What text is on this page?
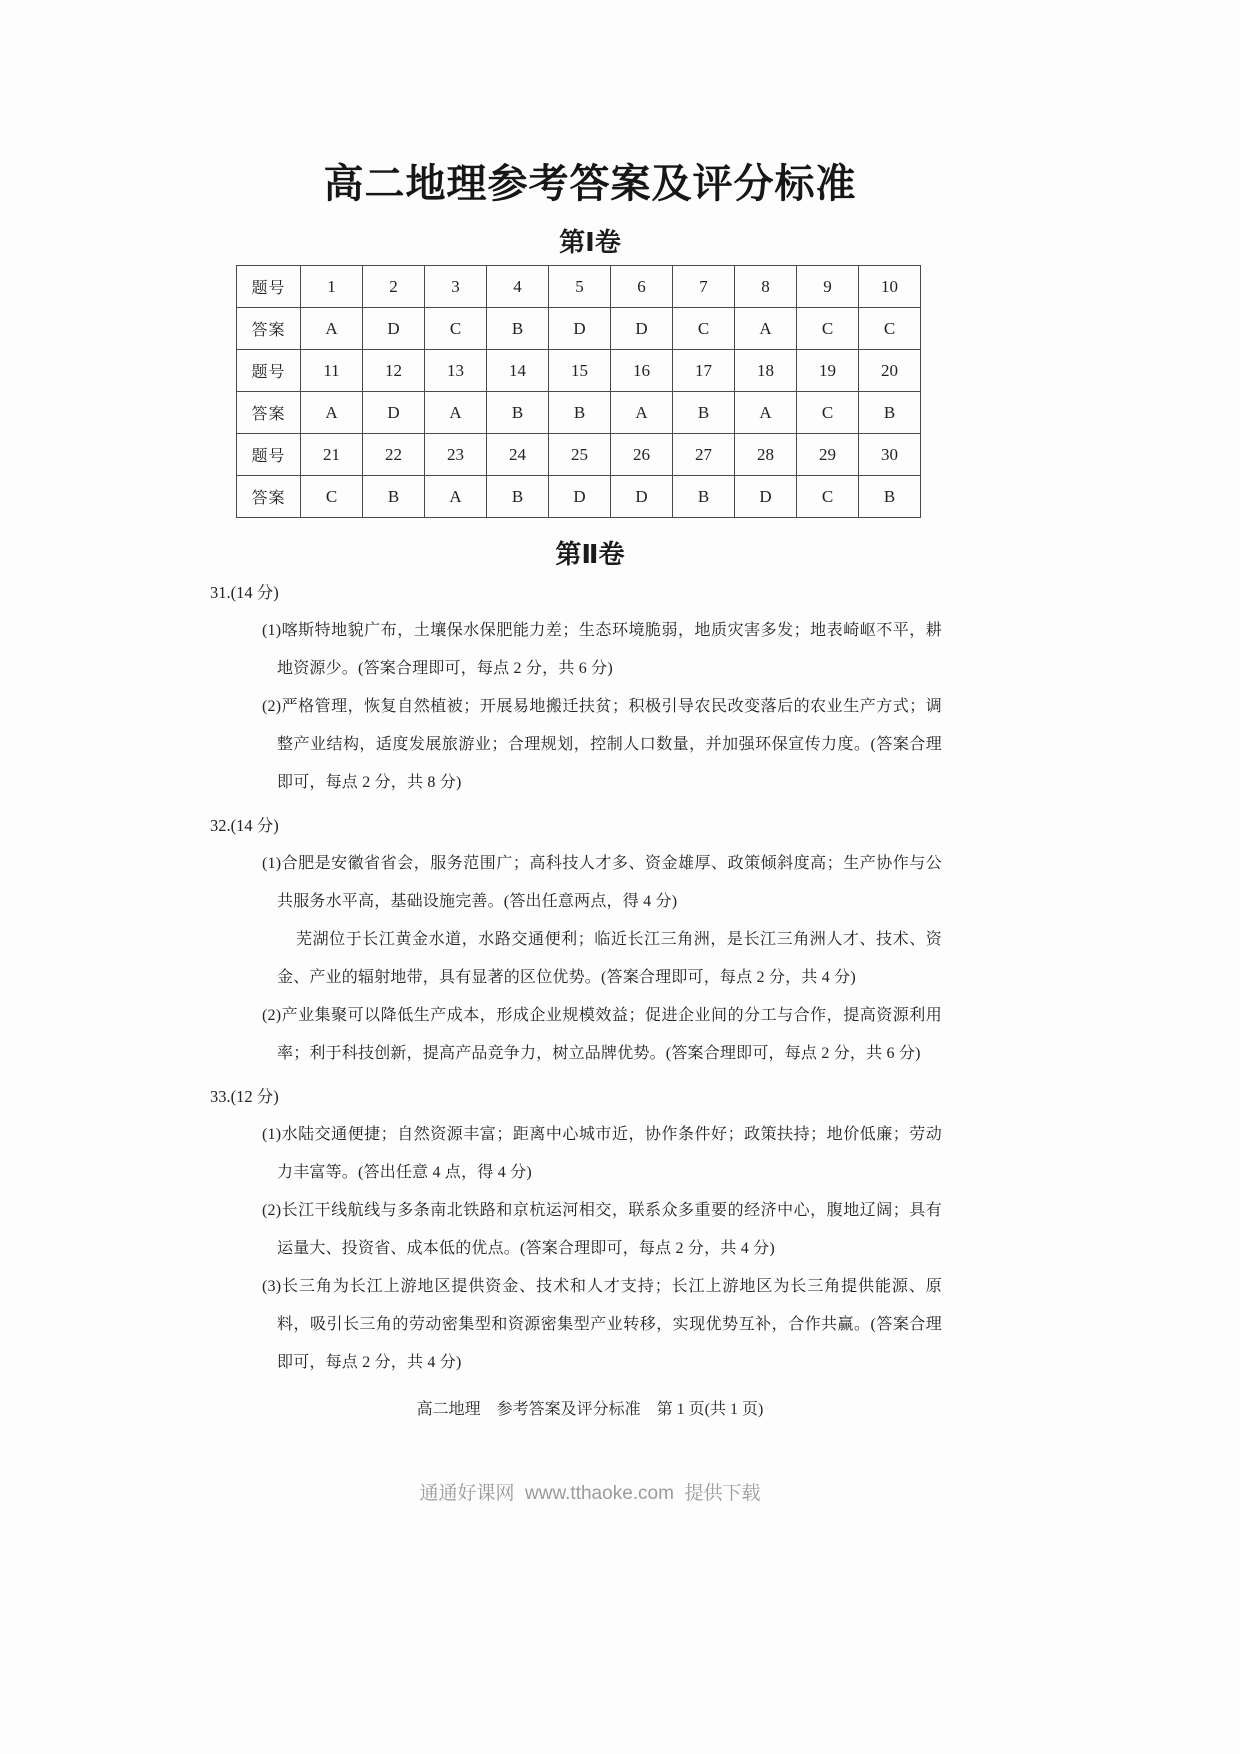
高二地理参考答案及评分标准
第Ⅰ卷
题号	1	2	3	4	5	6	7	8	9	10
答案	A	D	C	B	D	D	C	A	C	C
题号	11	12	13	14	15	16	17	18	19	20
答案	A	D	A	B	B	A	B	A	C	B
题号	21	22	23	24	25	26	27	28	29	30
答案	C	B	A	B	D	D	B	D	C	B
第Ⅱ卷
31.(14 分)
(1)喀斯特地貌广布，土壤保水保肥能力差；生态环境脆弱，地质灾害多发；地表崎岖不平，耕地资源少。(答案合理即可，每点 2 分，共 6 分)
(2)严格管理，恢复自然植被；开展易地搬迁扶贫；积极引导农民改变落后的农业生产方式；调整产业结构，适度发展旅游业；合理规划，控制人口数量，并加强环保宣传力度。(答案合理即可，每点 2 分，共 8 分)
32.(14 分)
(1)合肥是安徽省省会，服务范围广；高科技人才多、资金雄厚、政策倾斜度高；生产协作与公共服务水平高，基础设施完善。(答出任意两点，得 4 分)
芜湖位于长江黄金水道，水路交通便利；临近长江三角洲，是长江三角洲人才、技术、资金、产业的辐射地带，具有显著的区位优势。(答案合理即可，每点 2 分，共 4 分)
(2)产业集聚可以降低生产成本，形成企业规模效益；促进企业间的分工与合作，提高资源利用率；利于科技创新，提高产品竞争力，树立品牌优势。(答案合理即可，每点 2 分，共 6 分)
33.(12 分)
(1)水陆交通便捷；自然资源丰富；距离中心城市近，协作条件好；政策扶持；地价低廉；劳动力丰富等。(答出任意 4 点，得 4 分)
(2)长江干线航线与多条南北铁路和京杭运河相交，联系众多重要的经济中心，腹地辽阔；具有运量大、投资省、成本低的优点。(答案合理即可，每点 2 分，共 4 分)
(3)长三角为长江上游地区提供资金、技术和人才支持；长江上游地区为长三角提供能源、原料，吸引长三角的劳动密集型和资源密集型产业转移，实现优势互补，合作共赢。(答案合理即可，每点 2 分，共 4 分)
高二地理　参考答案及评分标准　第 1 页(共 1 页)
通通好课网  www.tthaoke.com  提供下载
